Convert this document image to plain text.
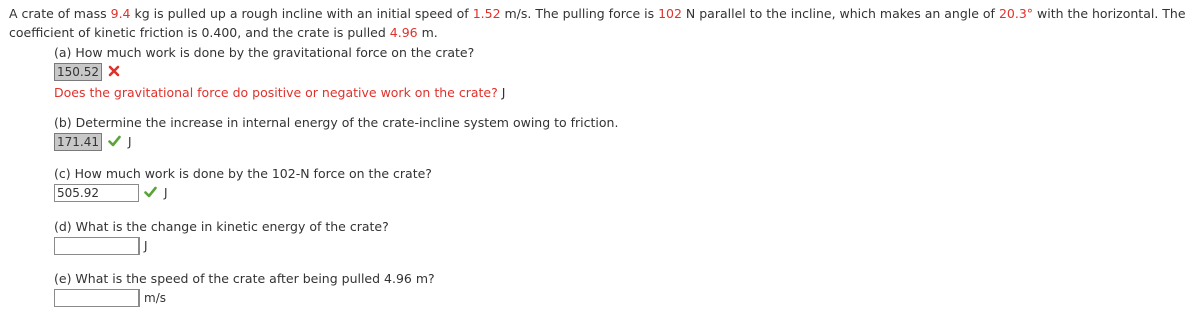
A crate of mass 9.4 kg is pulled up a rough incline with an initial speed of 1.52 m/s. The pulling force is 102 N parallel to the incline, which makes an angle of 20.3° with the horizontal. The coefficient of kinetic friction is 0.400, and the crate is pulled 4.96 m.
(a) How much work is done by the gravitational force on the crate?
150.52
Does the gravitational force do positive or negative work on the crate? J
(b) Determine the increase in internal energy of the crate-incline system owing to friction.
171.41 J
(c) How much work is done by the 102-N force on the crate?
505.92	J
(d) What is the change in kinetic energy of the crate?
J
(e) What is the speed of the crate after being pulled 4.96 m?
m/s
